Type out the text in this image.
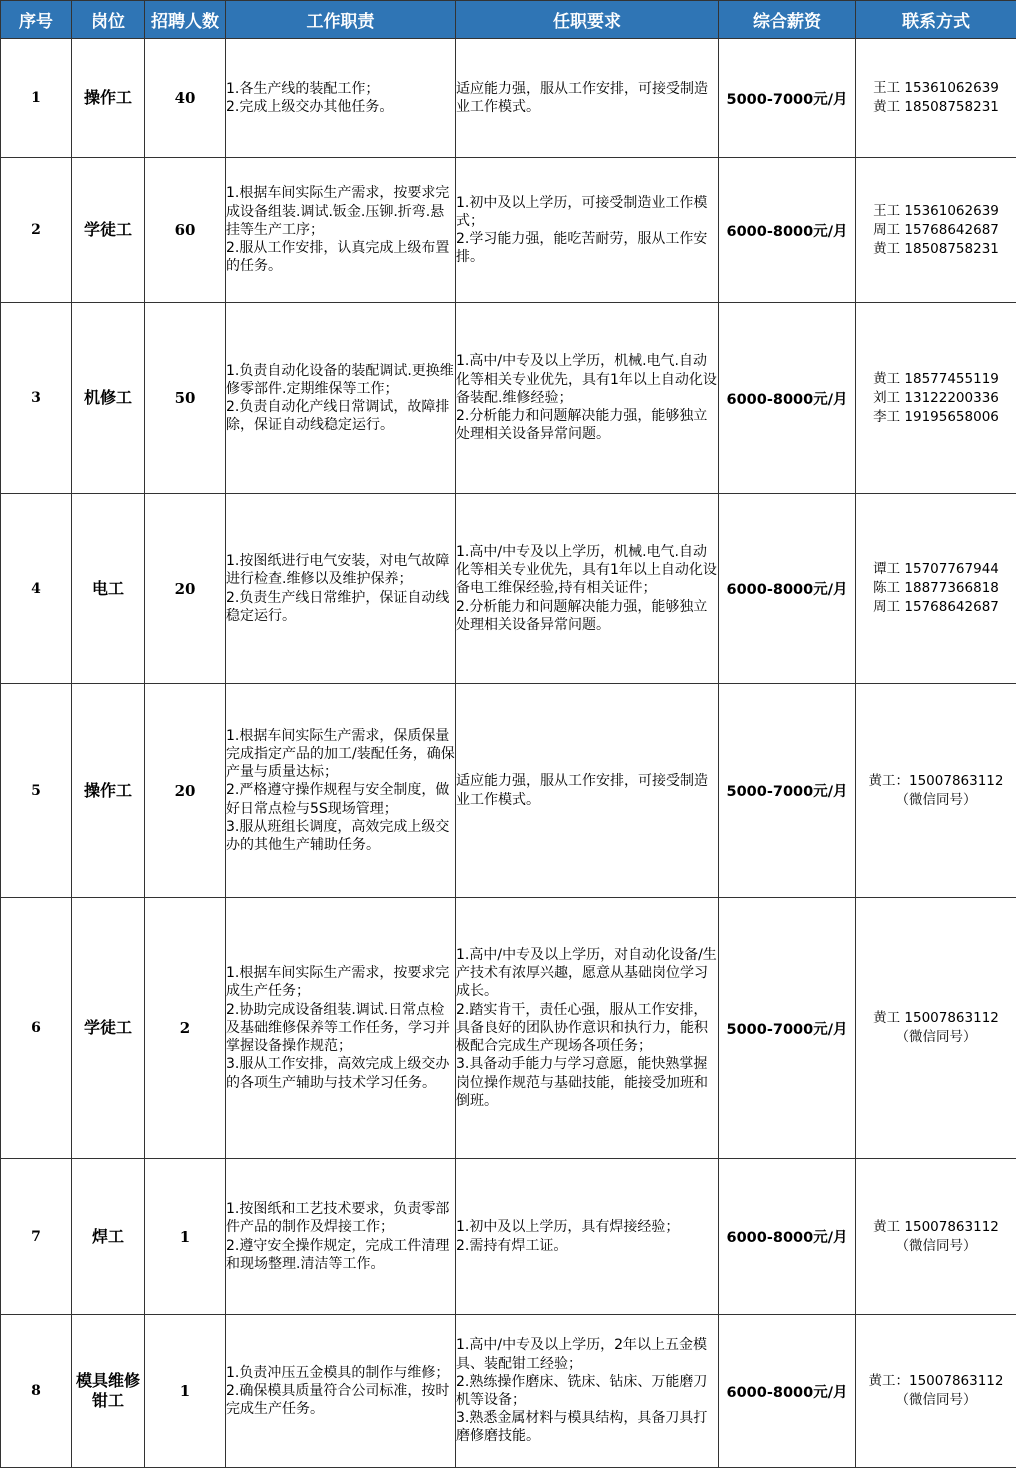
序号	岗位	招聘人数	工作职责	任职要求	综合薪资	联系方式
1	操作工	40	1.各生产线的装配工作；
2.完成上级交办其他任务。	适应能力强，服从工作安排，可接受制造业工作模式。	5000-7000元/月	王工 15361062639
黄工 18508758231

2	学徒工	60	1.根据车间实际生产需求，按要求完成设备组装.调试.钣金.压铆.折弯.悬挂等生产工序；
2.服从工作安排，认真完成上级布置的任务。	1.初中及以上学历，可接受制造业工作模式；
2.学习能力强，能吃苦耐劳，服从工作安排。	6000-8000元/月	王工 15361062639
周工 15768642687
黄工 18508758231

3	机修工	50	1.负责自动化设备的装配调试.更换维修零部件.定期维保等工作；
2.负责自动化产线日常调试，故障排除，保证自动线稳定运行。	1.高中/中专及以上学历，机械.电气.自动化等相关专业优先，具有1年以上自动化设备装配.维修经验；
2.分析能力和问题解决能力强，能够独立处理相关设备异常问题。	6000-8000元/月	黄工 18577455119
刘工 13122200336
李工 19195658006

4	电工	20	1.按图纸进行电气安装，对电气故障进行检查.维修以及维护保养；
2.负责生产线日常维护，保证自动线稳定运行。	1.高中/中专及以上学历，机械.电气.自动化等相关专业优先，具有1年以上自动化设备电工维保经验,持有相关证件；
2.分析能力和问题解决能力强，能够独立处理相关设备异常问题。	6000-8000元/月	谭工 15707767944
陈工 18877366818
周工 15768642687

5	操作工	20	1.根据车间实际生产需求，保质保量完成指定产品的加工/装配任务，确保产量与质量达标；
2.严格遵守操作规程与安全制度，做好日常点检与5S现场管理；
3.服从班组长调度，高效完成上级交办的其他生产辅助任务。	适应能力强，服从工作安排，可接受制造业工作模式。	5000-7000元/月	黄工：15007863112
（微信同号）

6	学徒工	2	1.根据车间实际生产需求，按要求完成生产任务；
2.协助完成设备组装.调试.日常点检及基础维修保养等工作任务，学习并掌握设备操作规范；
3.服从工作安排，高效完成上级交办的各项生产辅助与技术学习任务。	1.高中/中专及以上学历，对自动化设备/生产技术有浓厚兴趣，愿意从基础岗位学习成长。
2.踏实肯干，责任心强，服从工作安排，具备良好的团队协作意识和执行力，能积极配合完成生产现场各项任务；
3.具备动手能力与学习意愿，能快熟掌握岗位操作规范与基础技能，能接受加班和倒班。	5000-7000元/月	黄工 15007863112
（微信同号）

7	焊工	1	1.按图纸和工艺技术要求，负责零部件产品的制作及焊接工作；
2.遵守安全操作规定，完成工件清理和现场整理.清洁等工作。	1.初中及以上学历，具有焊接经验；
2.需持有焊工证。	6000-8000元/月	黄工 15007863112
（微信同号）

8	模具维修钳工	1	1.负责冲压五金模具的制作与维修；
2.确保模具质量符合公司标准，按时完成生产任务。	1.高中/中专及以上学历，2年以上五金模具、装配钳工经验；
2.熟练操作磨床、铣床、钻床、万能磨刀机等设备；
3.熟悉金属材料与模具结构，具备刀具打磨修磨技能。	6000-8000元/月	黄工：15007863112
（微信同号）
